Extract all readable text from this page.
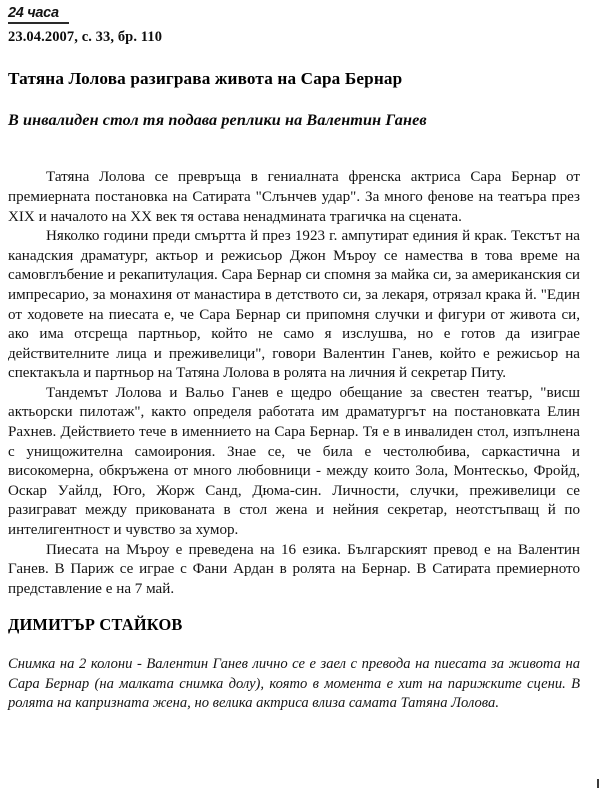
24 часа
23.04.2007, с. 33, бр. 110
Татяна Лолова разиграва живота на Сара Бернар
В инвалиден стол тя подава реплики на Валентин Ганев

Татяна Лолова се превръща в гениалната френска актриса Сара Бернар от премиерната постановка на Сатирата "Слънчев удар". За много фенове на театъра през XIX и началото на XX век тя остава ненадмината трагичка на сцената.

Няколко години преди смъртта й през 1923 г. ампутират единия й крак. Текстът на канадския драматург, актьор и режисьор Джон Мъроу се намества в това време на самовглъбение и рекапитулация. Сара Бернар си спомня за майка си, за американския си импресарио, за монахиня от манастира в детството си, за лекаря, отрязал крака й. "Един от ходовете на пиесата е, че Сара Бернар си припомня случки и фигури от живота си, ако има отсреща партньор, който не само я изслушва, но е готов да изиграе действителните лица и преживелици", говори Валентин Ганев, който е режисьор на спектакъла и партньор на Татяна Лолова в ролята на личния й секретар Питу.

Тандемът Лолова и Вальо Ганев е щедро обещание за свестен театър, "висш актьорски пилотаж", както определя работата им драматургът на постановката Елин Рахнев. Действието тече в именнието на Сара Бернар. Тя е в инвалиден стол, изпълнена с унищожителна самоирония. Знае се, че била е честолюбива, саркастична и високомерна, обкръжена от много любовници - между които Зола, Монтескьо, Фройд, Оскар Уайлд, Юго, Жорж Санд, Дюма-син. Личности, случки, преживелици се разиграват между прикованата в стол жена и нейния секретар, неотстъпващ й по интелигентност и чувство за хумор.

Пиесата на Мъроу е преведена на 16 езика. Българският превод е на Валентин Ганев. В Париж се играе с Фани Ардан в ролята на Бернар. В Сатирата премиерното представление е на 7 май.

ДИМИТЪР СТАЙКОВ
Снимка на 2 колони - Валентин Ганев лично се е заел с превода на пиесата за живота на Сара Бернар (на малката снимка долу), която в момента е хит на парижките сцени. В ролята на капризната жена, но велика актриса влиза самата Татяна Лолова.
